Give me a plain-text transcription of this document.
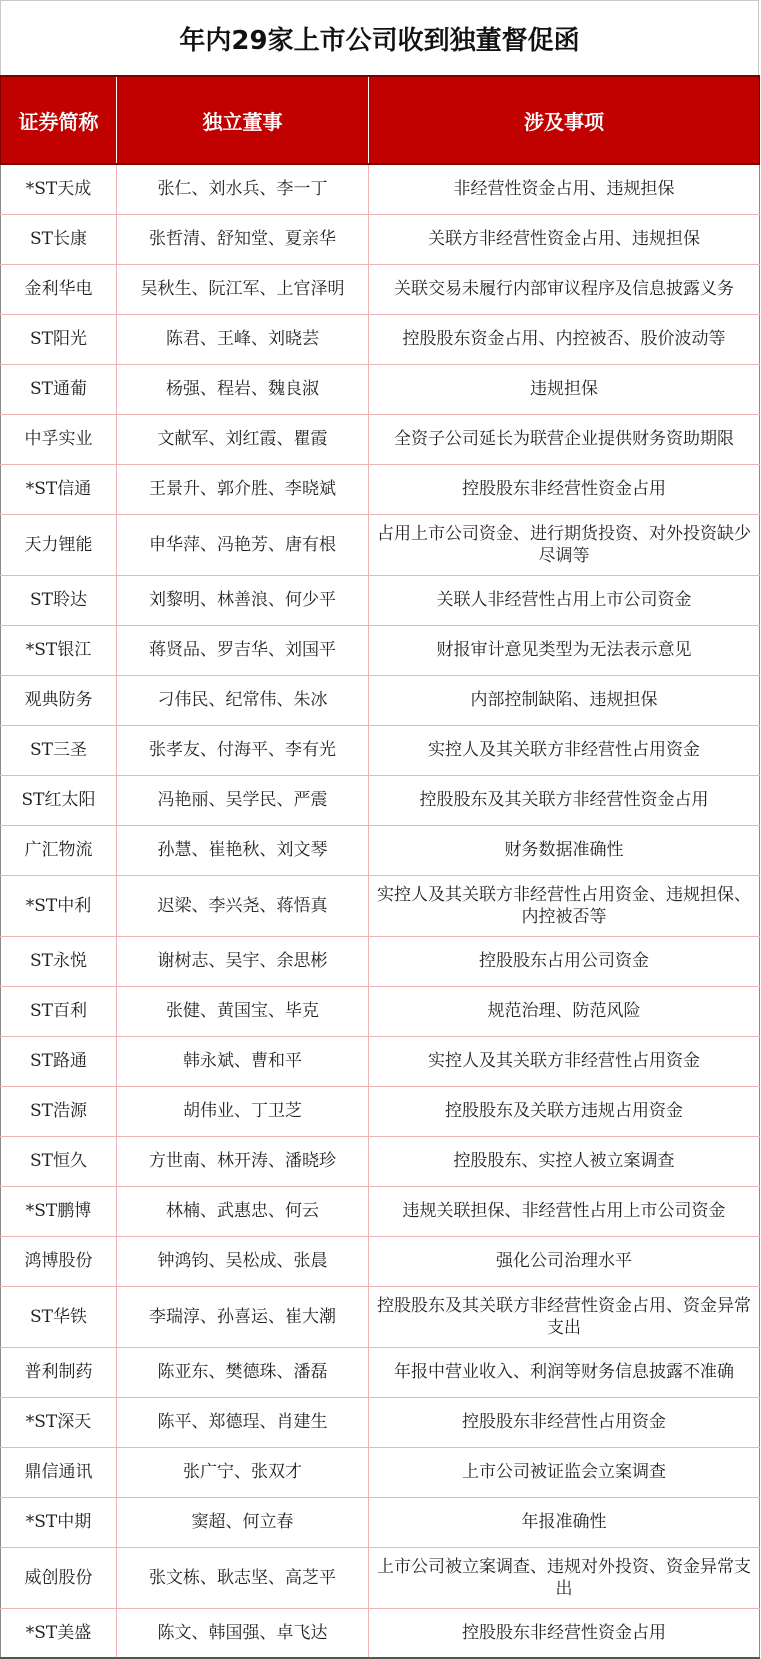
年内29家上市公司收到独董督促函
证券简称	独立董事	涉及事项
*ST天成	张仁、刘水兵、李一丁	非经营性资金占用、违规担保
ST长康	张哲清、舒知堂、夏亲华	关联方非经营性资金占用、违规担保
金利华电	吴秋生、阮江军、上官泽明	关联交易未履行内部审议程序及信息披露义务
ST阳光	陈君、王峰、刘晓芸	控股股东资金占用、内控被否、股价波动等
ST通葡	杨强、程岩、魏良淑	违规担保
中孚实业	文献军、刘红霞、瞿霞	全资子公司延长为联营企业提供财务资助期限
*ST信通	王景升、郭介胜、李晓斌	控股股东非经营性资金占用
天力锂能	申华萍、冯艳芳、唐有根	占用上市公司资金、进行期货投资、对外投资缺少尽调等
ST聆达	刘黎明、林善浪、何少平	关联人非经营性占用上市公司资金
*ST银江	蒋贤品、罗吉华、刘国平	财报审计意见类型为无法表示意见
观典防务	刁伟民、纪常伟、朱冰	内部控制缺陷、违规担保
ST三圣	张孝友、付海平、李有光	实控人及其关联方非经营性占用资金
ST红太阳	冯艳丽、吴学民、严震	控股股东及其关联方非经营性资金占用
广汇物流	孙慧、崔艳秋、刘文琴	财务数据准确性
*ST中利	迟梁、李兴尧、蒋悟真	实控人及其关联方非经营性占用资金、违规担保、内控被否等
ST永悦	谢树志、吴宇、余思彬	控股股东占用公司资金
ST百利	张健、黄国宝、毕克	规范治理、防范风险
ST路通	韩永斌、曹和平	实控人及其关联方非经营性占用资金
ST浩源	胡伟业、丁卫芝	控股股东及关联方违规占用资金
ST恒久	方世南、林开涛、潘晓珍	控股股东、实控人被立案调查
*ST鹏博	林楠、武惠忠、何云	违规关联担保、非经营性占用上市公司资金
鸿博股份	钟鸿钧、吴松成、张晨	强化公司治理水平
ST华铁	李瑞淳、孙喜运、崔大潮	控股股东及其关联方非经营性资金占用、资金异常支出
普利制药	陈亚东、樊德珠、潘磊	年报中营业收入、利润等财务信息披露不准确
*ST深天	陈平、郑德珵、肖建生	控股股东非经营性占用资金
鼎信通讯	张广宁、张双才	上市公司被证监会立案调查
*ST中期	窦超、何立春	年报准确性
威创股份	张文栋、耿志坚、高芝平	上市公司被立案调查、违规对外投资、资金异常支出
*ST美盛	陈文、韩国强、卓飞达	控股股东非经营性资金占用
